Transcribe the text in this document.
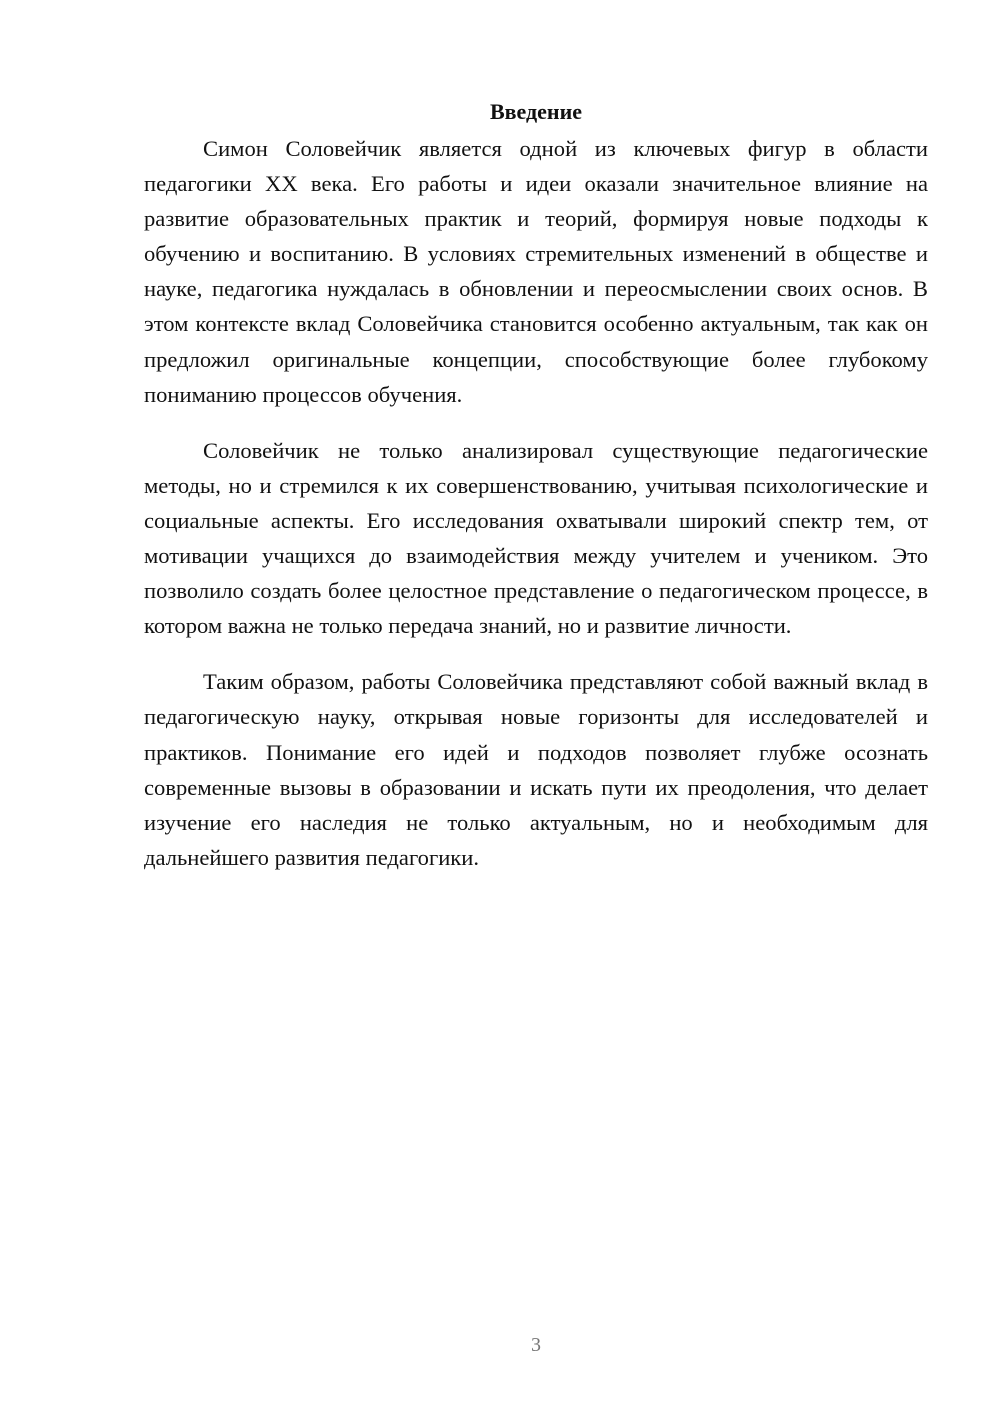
Введение

Симон Соловейчик является одной из ключевых фигур в области педагогики XX века. Его работы и идеи оказали значительное влияние на развитие образовательных практик и теорий, формируя новые подходы к обучению и воспитанию. В условиях стремительных изменений в обществе и науке, педагогика нуждалась в обновлении и переосмыслении своих основ. В этом контексте вклад Соловейчика становится особенно актуальным, так как он предложил оригинальные концепции, способствующие более глубокому пониманию процессов обучения.

Соловейчик не только анализировал существующие педагогические методы, но и стремился к их совершенствованию, учитывая психологические и социальные аспекты. Его исследования охватывали широкий спектр тем, от мотивации учащихся до взаимодействия между учителем и учеником. Это позволило создать более целостное представление о педагогическом процессе, в котором важна не только передача знаний, но и развитие личности.

Таким образом, работы Соловейчика представляют собой важный вклад в педагогическую науку, открывая новые горизонты для исследователей и практиков. Понимание его идей и подходов позволяет глубже осознать современные вызовы в образовании и искать пути их преодоления, что делает изучение его наследия не только актуальным, но и необходимым для дальнейшего развития педагогики.

3
